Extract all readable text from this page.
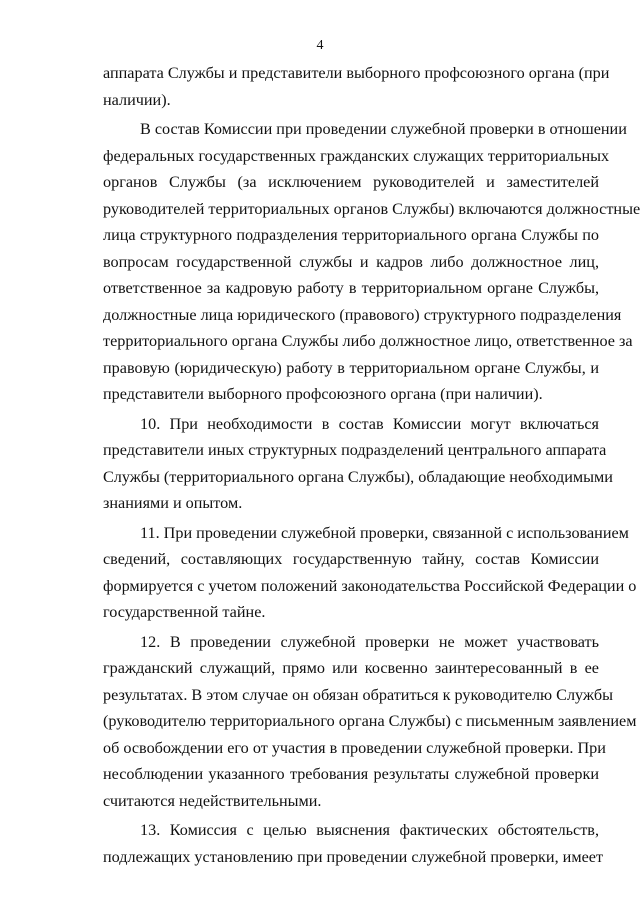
4
аппарата Службы и представители выборного профсоюзного органа (при
наличии).
В состав Комиссии при проведении служебной проверки в отношении
федеральных государственных гражданских служащих территориальных
органов Службы (за исключением руководителей и заместителей
руководителей территориальных органов Службы) включаются должностные
лица структурного подразделения территориального органа Службы по
вопросам государственной службы и кадров либо должностное лиц,
ответственное за кадровую работу в территориальном органе Службы,
должностные лица юридического (правового) структурного подразделения
территориального органа Службы либо должностное лицо, ответственное за
правовую (юридическую) работу в территориальном органе Службы, и
представители выборного профсоюзного органа (при наличии).
10. При необходимости в состав Комиссии могут включаться
представители иных структурных подразделений центрального аппарата
Службы (территориального органа Службы), обладающие необходимыми
знаниями и опытом.
11. При проведении служебной проверки, связанной с использованием
сведений, составляющих государственную тайну, состав Комиссии
формируется с учетом положений законодательства Российской Федерации о
государственной тайне.
12. В проведении служебной проверки не может участвовать
гражданский служащий, прямо или косвенно заинтересованный в ее
результатах. В этом случае он обязан обратиться к руководителю Службы
(руководителю территориального органа Службы) с письменным заявлением
об освобождении его от участия в проведении служебной проверки. При
несоблюдении указанного требования результаты служебной проверки
считаются недействительными.
13. Комиссия с целью выяснения фактических обстоятельств,
подлежащих установлению при проведении служебной проверки, имеет
